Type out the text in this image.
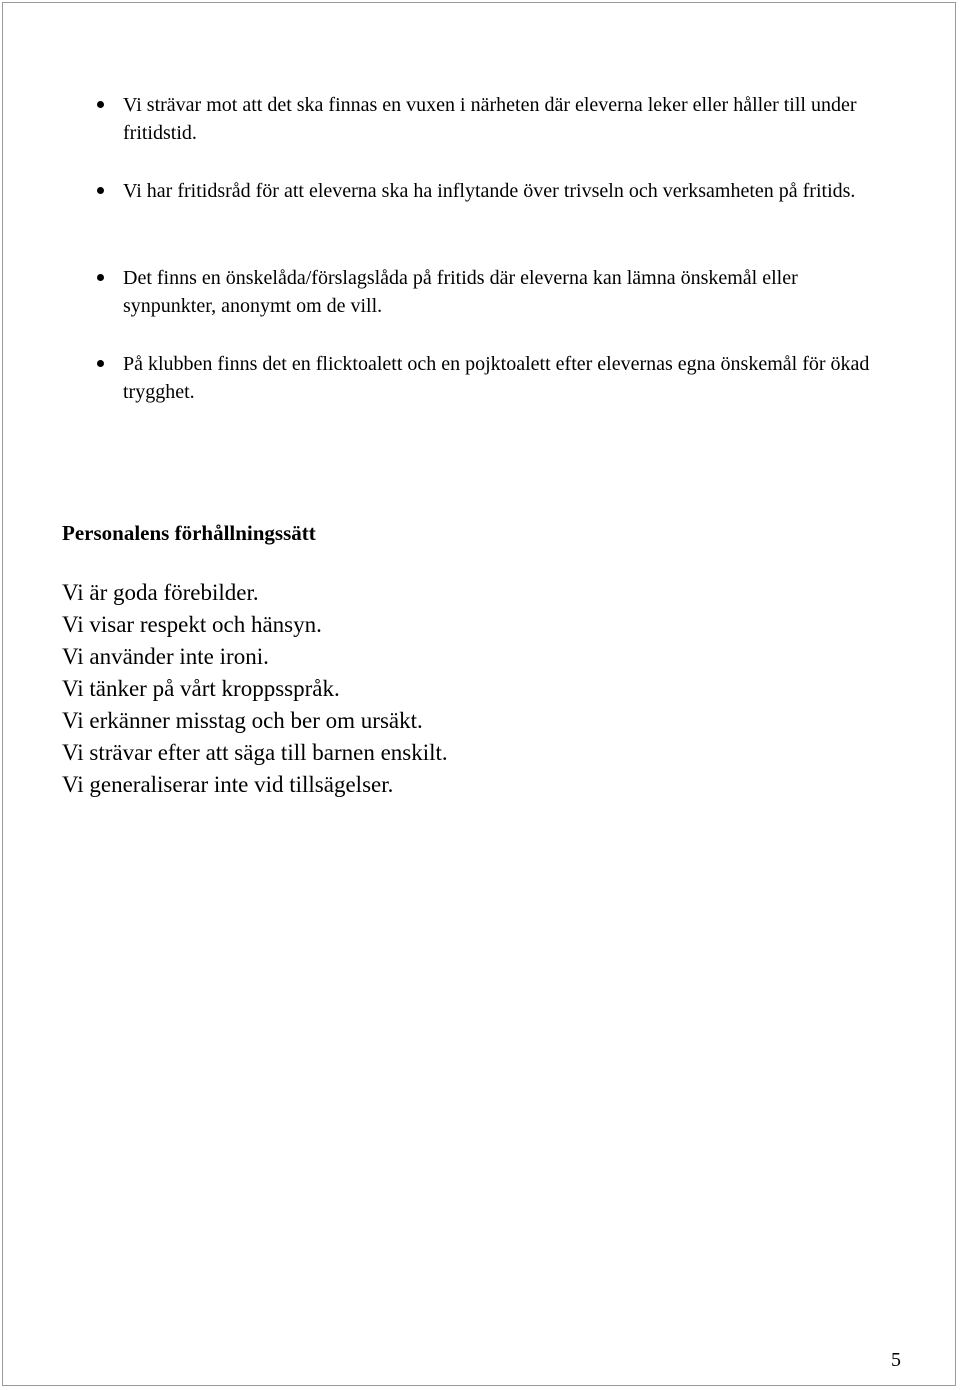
Vi strävar mot att det ska finnas en vuxen i närheten där eleverna leker eller håller till under fritidstid.
Vi har fritidsråd för att eleverna ska ha inflytande över trivseln och verksamheten på fritids.
Det finns en önskelåda/förslagslåda på fritids där eleverna kan lämna önskemål eller synpunkter, anonymt om de vill.
På klubben finns det en flicktoalett och en pojktoalett efter elevernas egna önskemål för ökad trygghet.
Personalens förhållningssätt
Vi är goda förebilder.
Vi visar respekt och hänsyn.
Vi använder inte ironi.
Vi tänker på vårt kroppsspråk.
Vi erkänner misstag och ber om ursäkt.
Vi strävar efter att säga till barnen enskilt.
Vi generaliserar inte vid tillsägelser.
5
